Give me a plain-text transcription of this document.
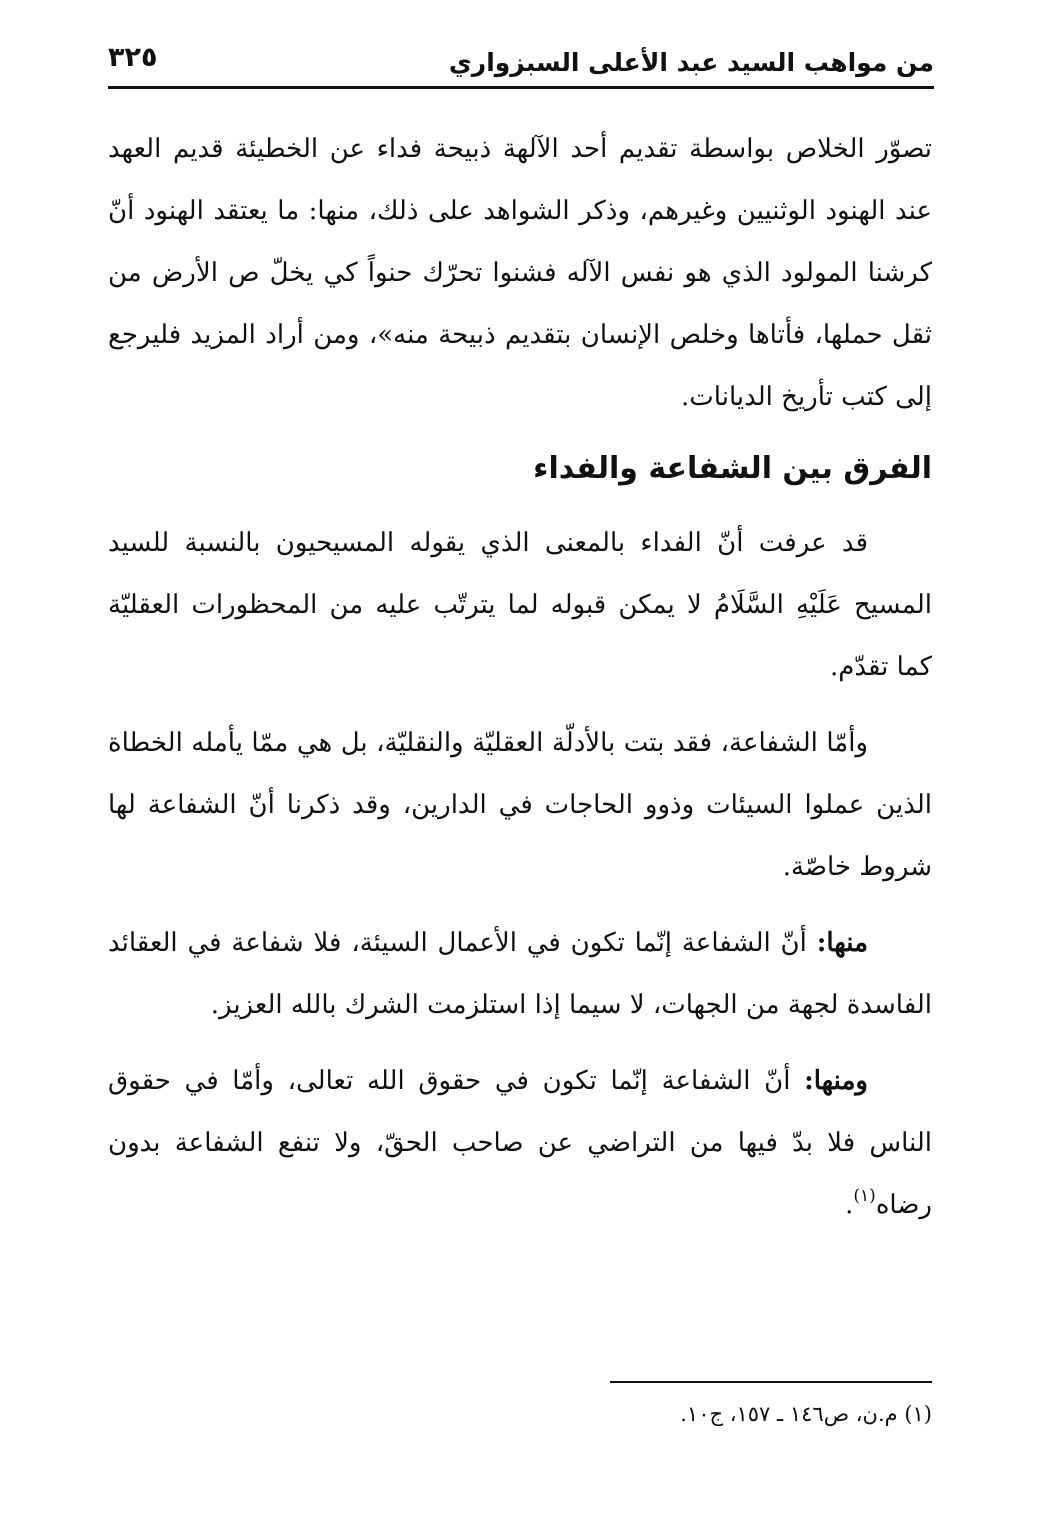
من مواهب السيد عبد الأعلى السبزواري
٣٢٥

تصوّر الخلاص بواسطة تقديم أحد الآلهة ذبيحة فداء عن الخطيئة قديم العهد عند الهنود الوثنيين وغيرهم، وذكر الشواهد على ذلك، منها: ما يعتقد الهنود أنّ كرشنا المولود الذي هو نفس الآله فشنوا تحرّك حنواً كي يخلّ ص الأرض من ثقل حملها، فأتاها وخلص الإنسان بتقديم ذبيحة منه»، ومن أراد المزيد فليرجع إلى كتب تأريخ الديانات.

الفرق بين الشفاعة والفداء

قد عرفت أنّ الفداء بالمعنى الذي يقوله المسيحيون بالنسبة للسيد المسيح عَلَيْهِ السَّلَامُ لا يمكن قبوله لما يترتّب عليه من المحظورات العقليّة كما تقدّم.

وأمّا الشفاعة، فقد بتت بالأدلّة العقليّة والنقليّة، بل هي ممّا يأمله الخطاة الذين عملوا السيئات وذوو الحاجات في الدارين، وقد ذكرنا أنّ الشفاعة لها شروط خاصّة.

منها: أنّ الشفاعة إنّما تكون في الأعمال السيئة، فلا شفاعة في العقائد الفاسدة لجهة من الجهات، لا سيما إذا استلزمت الشرك بالله العزيز.

ومنها: أنّ الشفاعة إنّما تكون في حقوق الله تعالى، وأمّا في حقوق الناس فلا بدّ فيها من التراضي عن صاحب الحقّ، ولا تنفع الشفاعة بدون رضاه$^{(١)}$.

(١) م.ن، ص١٤٦ ـ ١٥٧، ج١٠.
